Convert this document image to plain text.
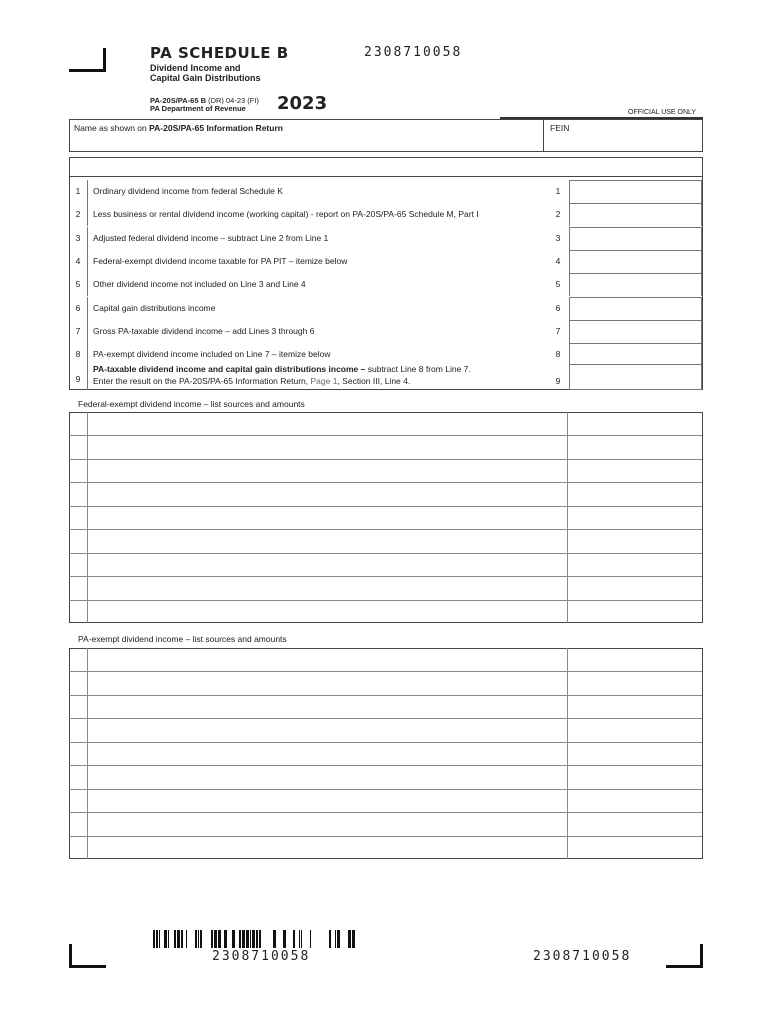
PA SCHEDULE B	2308710058
Dividend Income and
Capital Gain Distributions
PA-20S/PA-65 B (DR) 04-23 (FI)
PA Department of Revenue 2023	OFFICIAL USE ONLY
Name as shown on PA-20S/PA-65 Information Return	FEIN
1	Ordinary dividend income from federal Schedule K	1
2	Less business or rental dividend income (working capital) - report on PA-20S/PA-65 Schedule M, Part I	2
3	Adjusted federal dividend income – subtract Line 2 from Line 1	3
4	Federal-exempt dividend income taxable for PA PIT – itemize below	4
5	Other dividend income not included on Line 3 and Line 4	5
6	Capital gain distributions income	6
7	Gross PA-taxable dividend income – add Lines 3 through 6	7
8	PA-exempt dividend income included on Line 7 – itemize below	8
9
PA-taxable dividend income and capital gain distributions income – subtract Line 8 from Line 7.
Enter the result on the PA-20S/PA-65 Information Return, Page 1, Section III, Line 4.	9
Federal-exempt dividend income – list sources and amounts
PA-exempt dividend income – list sources and amounts
2308710058	2308710058
